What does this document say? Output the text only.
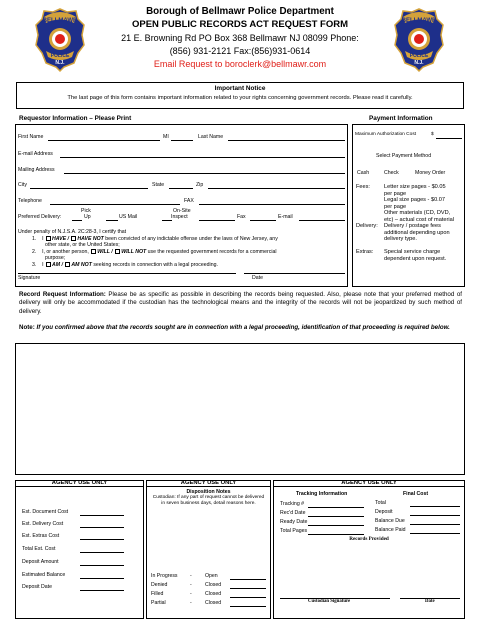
BELLMAWR
POLICE
N.J.
BELLMAWR
POLICE
N.J.
Borough of Bellmawr Police Department
OPEN PUBLIC RECORDS ACT REQUEST FORM
21 E. Browning Rd PO Box 368 Bellmawr NJ 08099 Phone:
(856) 931-2121 Fax:(856)931-0614
Email Request to boroclerk@bellmawr.com
Important Notice
The last page of this form contains important information related to your rights concerning government records. Please read it carefully.
Requestor Information – Please Print	Payment Information
First Name	MI	Last Name
E-mail Address
Mailing Address
City	State	Zip
Telephone	FAX
Pick	On-Site
Preferred Delivery:	Up	US Mail	Inspect	Fax	E-mail
Under penalty of N.J.S.A. 2C:28-3, I certify that
1. I HAVE / HAVE NOT been convicted of any indictable offense under the laws of New Jersey, any
other state, or the United States;
2. I, or another person, WILL / WILL NOT use the requested government records for a commercial
purpose;
3. I AM / AM NOT seeking records in connection with a legal proceeding.
Signature	Date
Maximum Authorization Cost	$
Select Payment Method
Cash	Check	Money Order
Fees:	Letter size pages - $0.05
per page
Legal size pages - $0.07
per page
Other materials (CD, DVD,
etc) – actual cost of material
Delivery: Delivery / postage fees
additional depending upon
delivery type.
Extras: Special service charge
dependent upon request.
Record Request Information: Please be as specific as possible in describing the records being requested. Also, please note that your preferred method of delivery will only be accommodated if the custodian has the technological means and the integrity of the records will not be jeopardized by such method of delivery.
Note: If you confirmed above that the records sought are in connection with a legal proceeding, identification of that proceeding is required below.
AGENCY USE ONLY	AGENCY USE ONLY	AGENCY USE ONLY
Est. Document Cost
Est. Delivery Cost
Est. Extras Cost
Total Est. Cost
Deposit Amount
Estimated Balance
Deposit Date
Disposition Notes
Custodian: If any part of request cannot be delivered in seven business days, detail reasons here.
In Progress -	Open
Denied	-	Closed
Filled	-	Closed
Partial	-	Closed
Tracking Information	Final Cost
Tracking #
Rec'd Date
Ready Date
Total Pages
Total
Deposit
Balance Due
Balance Paid
Records Provided
Custodian Signature	Date
